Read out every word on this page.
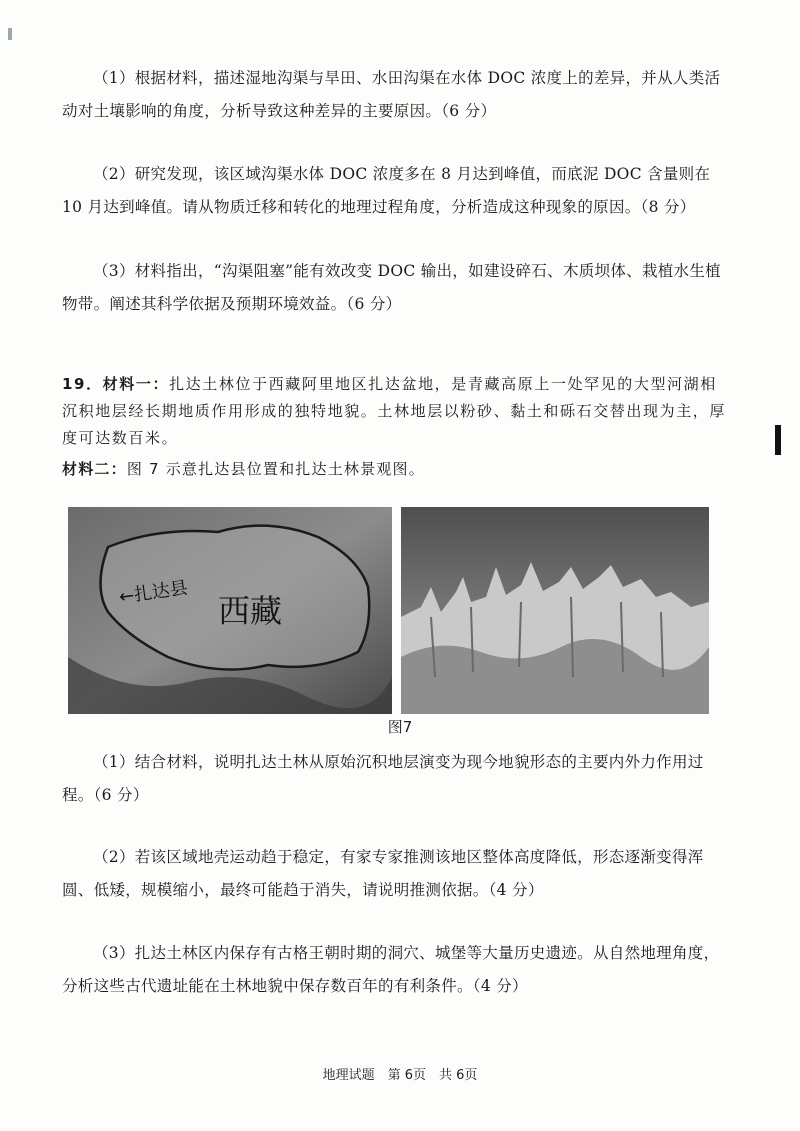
（1）根据材料，描述湿地沟渠与旱田、水田沟渠在水体 DOC 浓度上的差异，并从人类活动对土壤影响的角度，分析导致这种差异的主要原因。（6 分）

（2）研究发现，该区域沟渠水体 DOC 浓度多在 8 月达到峰值，而底泥 DOC 含量则在 10 月达到峰值。请从物质迁移和转化的地理过程角度，分析造成这种现象的原因。（8 分）

（3）材料指出，“沟渠阻塞”能有效改变 DOC 输出，如建设碎石、木质坝体、栽植水生植物带。阐述其科学依据及预期环境效益。（6 分）

19．材料一：扎达土林位于西藏阿里地区扎达盆地，是青藏高原上一处罕见的大型河湖相沉积地层经长期地质作用形成的独特地貌。土林地层以粉砂、黏土和砾石交替出现为主，厚度可达数百米。

材料二：图 7 示意扎达县位置和扎达土林景观图。

←扎达县 西藏
图7

（1）结合材料，说明扎达土林从原始沉积地层演变为现今地貌形态的主要内外力作用过程。（6 分）

（2）若该区域地壳运动趋于稳定，有家专家推测该地区整体高度降低，形态逐渐变得浑圆、低矮，规模缩小，最终可能趋于消失，请说明推测依据。（4 分）

（3）扎达土林区内保存有古格王朝时期的洞穴、城堡等大量历史遗迹。从自然地理角度，分析这些古代遗址能在土林地貌中保存数百年的有利条件。（4 分）

地理试题　第 6页　共 6页
